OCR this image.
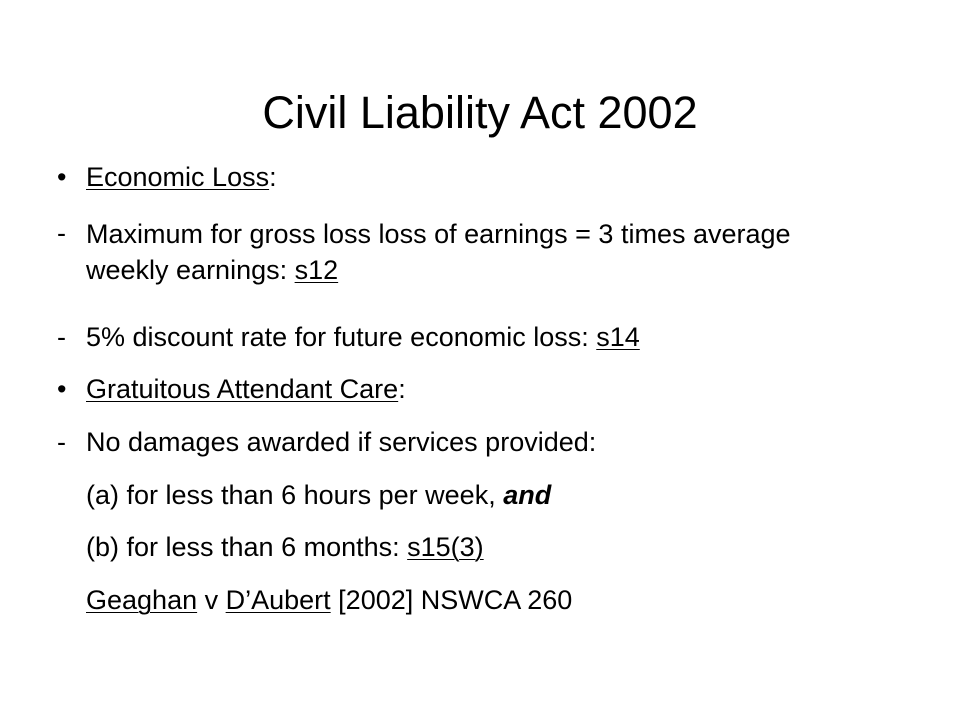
Civil Liability Act 2002
• Economic Loss:
- Maximum for gross loss loss of earnings = 3 times average weekly earnings: s12
- 5% discount rate for future economic loss: s14
• Gratuitous Attendant Care:
- No damages awarded if services provided:
(a) for less than 6 hours per week, and
(b) for less than 6 months: s15(3)
Geaghan v D’Aubert [2002] NSWCA 260
